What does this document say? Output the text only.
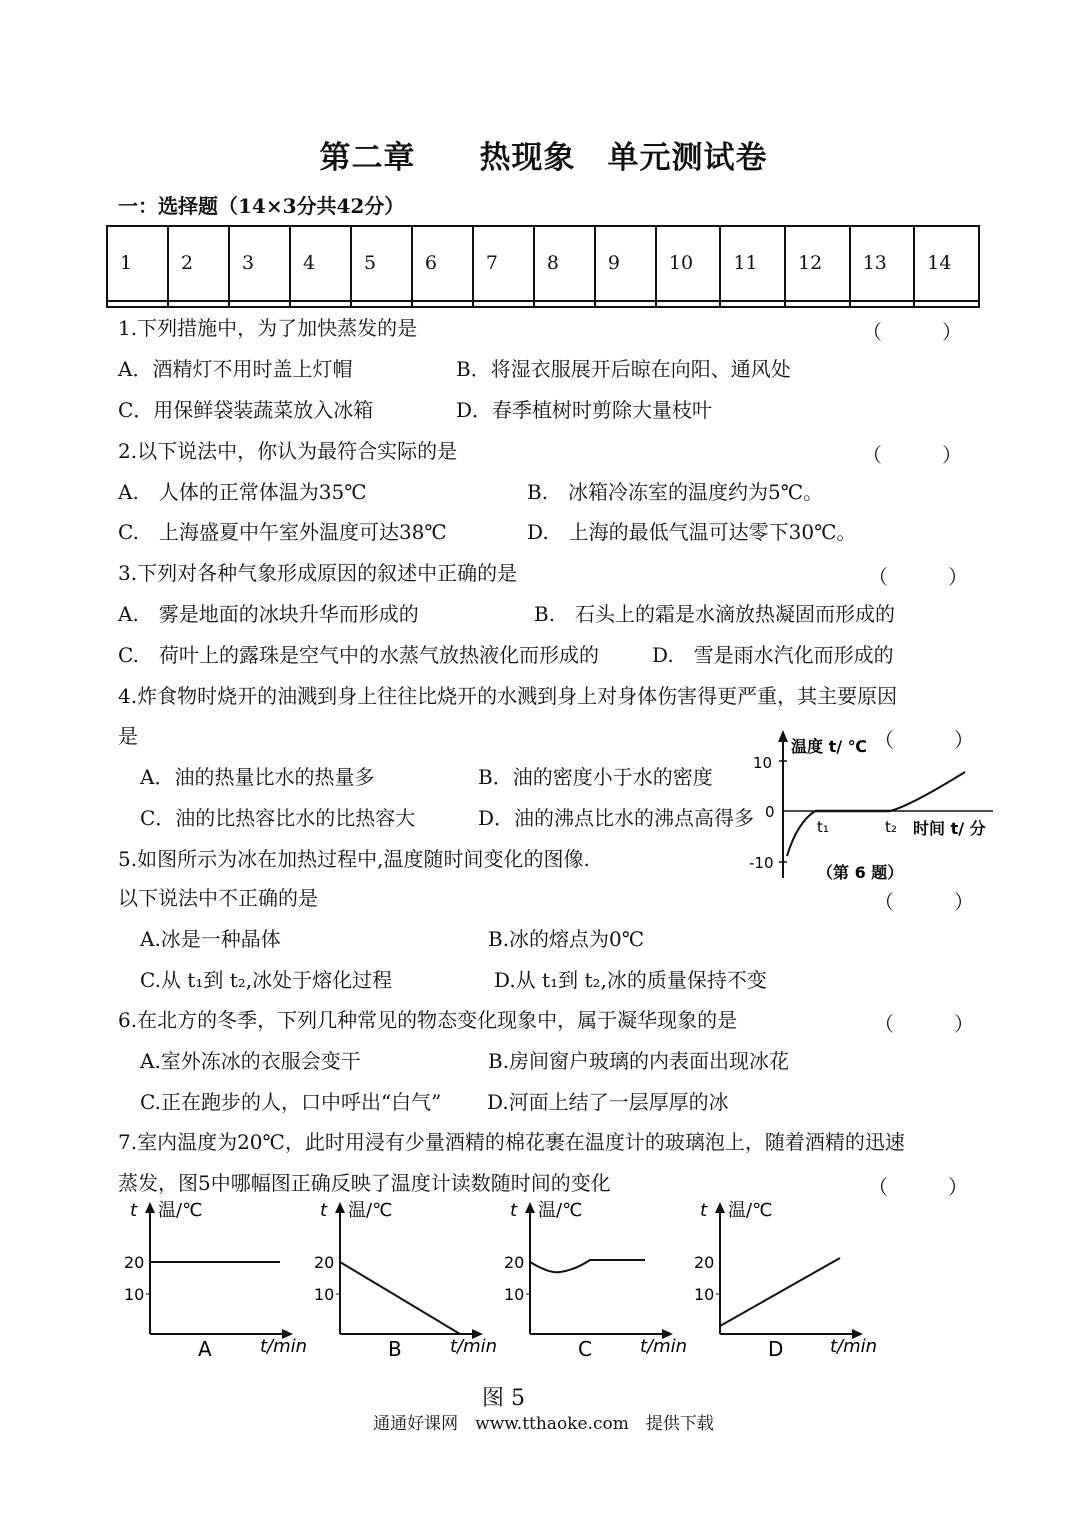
第二章　　热现象　单元测试卷
一：选择题（14×3分共42分）
1	2	3	4	5	6	7	8	9	10	11	12	13	14

1.下列措施中，为了加快蒸发的是	（　　　）
A．酒精灯不用时盖上灯帽	B．将湿衣服展开后晾在向阳、通风处
C．用保鲜袋装蔬菜放入冰箱	D．春季植树时剪除大量枝叶
2.以下说法中，你认为最符合实际的是	（　　　）
A.　人体的正常体温为35℃	B.　冰箱冷冻室的温度约为5℃。
C.　上海盛夏中午室外温度可达38℃	D.　上海的最低气温可达零下30℃。
3.下列对各种气象形成原因的叙述中正确的是	（　　　）
A.　雾是地面的冰块升华而形成的	B.　石头上的霜是水滴放热凝固而形成的
C.　荷叶上的露珠是空气中的水蒸气放热液化而形成的	D.　雪是雨水汽化而形成的
4.炸食物时烧开的油溅到身上往往比烧开的水溅到身上对身体伤害得更严重，其主要原因
是	（　　　）
A．油的热量比水的热量多	B．油的密度小于水的密度
C．油的比热容比水的比热容大	D．油的沸点比水的沸点高得多
温度 t/ ℃
10
0
-10
t₁	t₂ 时间 t/ 分
（第 6 题）
5.如图所示为冰在加热过程中,温度随时间变化的图像.
以下说法中不正确的是	（　　　）
A.冰是一种晶体	B.冰的熔点为0℃
C.从 t₁到 t₂,冰处于熔化过程	D.从 t₁到 t₂,冰的质量保持不变
6.在北方的冬季，下列几种常见的物态变化现象中，属于凝华现象的是	（　　　）
A.室外冻冰的衣服会变干	B.房间窗户玻璃的内表面出现冰花
C.正在跑步的人，口中呼出“白气” D.河面上结了一层厚厚的冰
7.室内温度为20℃，此时用浸有少量酒精的棉花裹在温度计的玻璃泡上，随着酒精的迅速
蒸发，图5中哪幅图正确反映了温度计读数随时间的变化	（　　　）
t 温/℃
20
10
A	t/min
t 温/℃
20
10
B	t/min
t 温/℃
20
10
C	t/min
t 温/℃
20
10
D	t/min
图 5
通通好课网　www.tthaoke.com　提供下载
